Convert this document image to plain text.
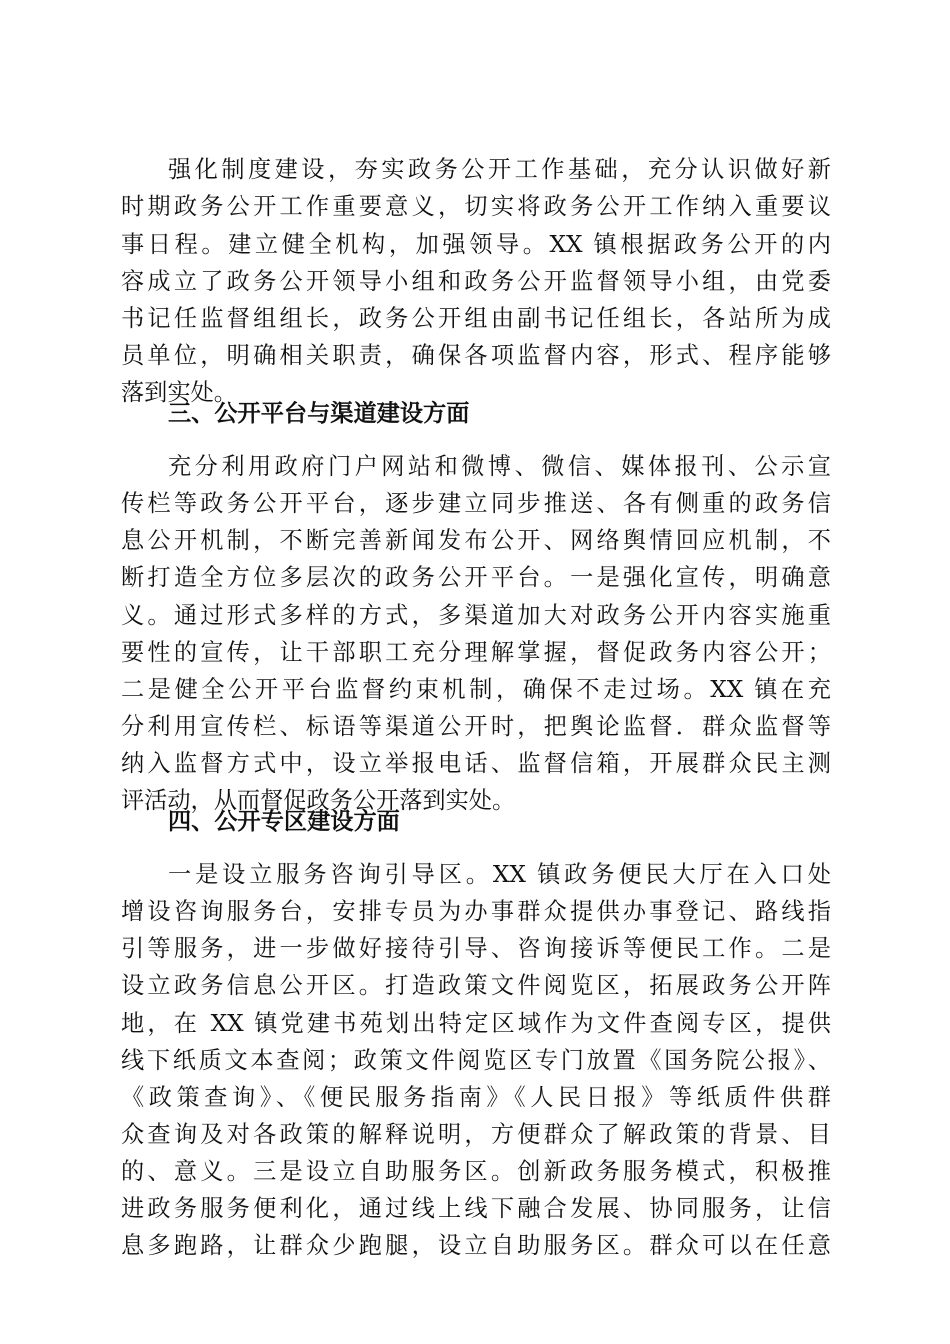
强化制度建设，夯实政务公开工作基础，充分认识做好新
时期政务公开工作重要意义，切实将政务公开工作纳入重要议
事日程。建立健全机构，加强领导。XX 镇根据政务公开的内
容成立了政务公开领导小组和政务公开监督领导小组，由党委
书记任监督组组长，政务公开组由副书记任组长，各站所为成
员单位，明确相关职责，确保各项监督内容，形式、程序能够
落到实处。
三、公开平台与渠道建设方面
充分利用政府门户网站和微博、微信、媒体报刊、公示宣
传栏等政务公开平台，逐步建立同步推送、各有侧重的政务信
息公开机制，不断完善新闻发布公开、网络舆情回应机制，不
断打造全方位多层次的政务公开平台。一是强化宣传，明确意
义。通过形式多样的方式，多渠道加大对政务公开内容实施重
要性的宣传，让干部职工充分理解掌握，督促政务内容公开；
二是健全公开平台监督约束机制，确保不走过场。XX 镇在充
分利用宣传栏、标语等渠道公开时，把舆论监督．群众监督等
纳入监督方式中，设立举报电话、监督信箱，开展群众民主测
评活动，从而督促政务公开落到实处。
四、公开专区建设方面
一是设立服务咨询引导区。XX 镇政务便民大厅在入口处
增设咨询服务台，安排专员为办事群众提供办事登记、路线指
引等服务，进一步做好接待引导、咨询接诉等便民工作。二是
设立政务信息公开区。打造政策文件阅览区，拓展政务公开阵
地，在 XX 镇党建书苑划出特定区域作为文件查阅专区，提供
线下纸质文本查阅；政策文件阅览区专门放置《国务院公报》、
《政策查询》、《便民服务指南》《人民日报》等纸质件供群
众查询及对各政策的解释说明，方便群众了解政策的背景、目
的、意义。三是设立自助服务区。创新政务服务模式，积极推
进政务服务便利化，通过线上线下融合发展、协同服务，让信
息多跑路，让群众少跑腿，设立自助服务区。群众可以在任意
